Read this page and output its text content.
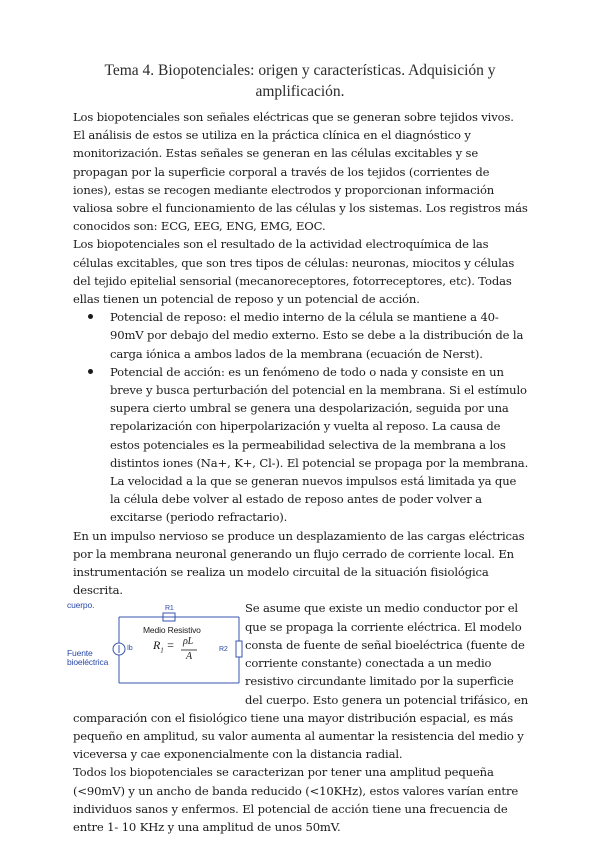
Tema 4. Biopotenciales: origen y características. Adquisición y amplificación.

Los biopotenciales son señales eléctricas que se generan sobre tejidos vivos. El análisis de estos se utiliza en la práctica clínica en el diagnóstico y monitorización. Estas señales se generan en las células excitables y se propagan por la superficie corporal a través de los tejidos (corrientes de iones), estas se recogen mediante electrodos y proporcionan información valiosa sobre el funcionamiento de las células y los sistemas. Los registros más conocidos son: ECG, EEG, ENG, EMG, EOC.

Los biopotenciales son el resultado de la actividad electroquímica de las células excitables, que son tres tipos de células: neuronas, miocitos y células del tejido epitelial sensorial (mecanoreceptores, fotorreceptores, etc). Todas ellas tienen un potencial de reposo y un potencial de acción.

Potencial de reposo: el medio interno de la célula se mantiene a 40-90mV por debajo del medio externo. Esto se debe a la distribución de la carga iónica a ambos lados de la membrana (ecuación de Nerst).
Potencial de acción: es un fenómeno de todo o nada y consiste en un breve y busca perturbación del potencial en la membrana. Si el estímulo supera cierto umbral se genera una despolarización, seguida por una repolarización con hiperpolarización y vuelta al reposo. La causa de estos potenciales es la permeabilidad selectiva de la membrana a los distintos iones (Na+, K+, Cl-). El potencial se propaga por la membrana. La velocidad a la que se generan nuevos impulsos está limitada ya que la célula debe volver al estado de reposo antes de poder volver a excitarse (periodo refractario).

En un impulso nervioso se produce un desplazamiento de las cargas eléctricas por la membrana neuronal generando un flujo cerrado de corriente local. En instrumentación se realiza un modelo circuital de la situación fisiológica descrita.

cuerpo.	R1
Medio Resistivo
$R_1 = \rho L$
A
Fuente bioeléctrica
Ib	R2

Se asume que existe un medio conductor por el que se propaga la corriente eléctrica. El modelo consta de fuente de señal bioeléctrica (fuente de corriente constante) conectada a un medio resistivo circundante limitado por la superficie del cuerpo. Esto genera un potencial trifásico, en comparación con el fisiológico tiene una mayor distribución espacial, es más pequeño en amplitud, su valor aumenta al aumentar la resistencia del medio y viceversa y cae exponencialmente con la distancia radial.

Todos los biopotenciales se caracterizan por tener una amplitud pequeña (<90mV) y un ancho de banda reducido (<10KHz), estos valores varían entre individuos sanos y enfermos. El potencial de acción tiene una frecuencia de entre 1- 10 KHz y una amplitud de unos 50mV.
